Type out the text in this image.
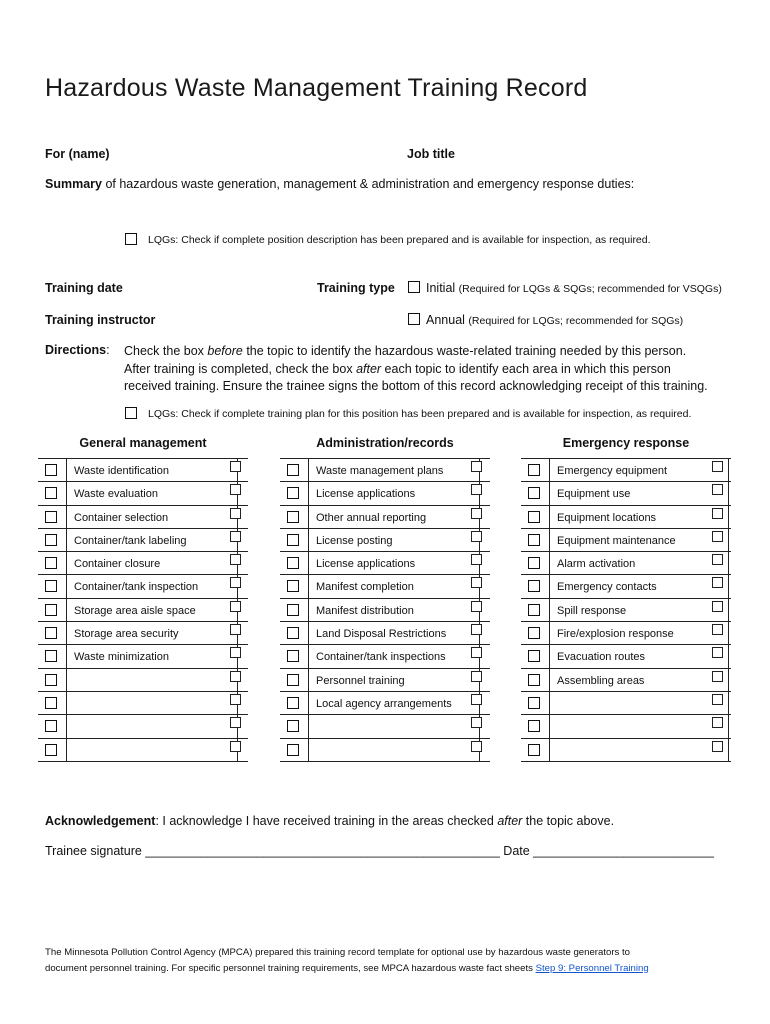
Hazardous Waste Management Training Record
For (name)	Job title
Summary of hazardous waste generation, management & administration and emergency response duties:
LQGs: Check if complete position description has been prepared and is available for inspection, as required.
Training date	Training type Initial (Required for LQGs & SQGs; recommended for VSQGs)
Training instructor	Annual (Required for LQGs; recommended for SQGs)
Directions: Check the box before the topic to identify the hazardous waste-related training needed by this person.
After training is completed, check the box after each topic to identify each area in which this person
received training. Ensure the trainee signs the bottom of this record acknowledging receipt of this training.
LQGs: Check if complete training plan for this position has been prepared and is available for inspection, as required.
General management
Waste identification
Waste evaluation
Container selection
Container/tank labeling
Container closure
Container/tank inspection
Storage area aisle space
Storage area security
Waste minimization
Administration/records
Waste management plans
License applications
Other annual reporting
License posting
License applications
Manifest completion
Manifest distribution
Land Disposal Restrictions
Container/tank inspections
Personnel training
Local agency arrangements
Emergency response
Emergency equipment
Equipment use
Equipment locations
Equipment maintenance
Alarm activation
Emergency contacts
Spill response
Fire/explosion response
Evacuation routes
Assembling areas
Acknowledgement: I acknowledge I have received training in the areas checked after the topic above.
Trainee signature ___________________________________________________ Date __________________________
The Minnesota Pollution Control Agency (MPCA) prepared this training record template for optional use by hazardous waste generators to
document personnel training. For specific personnel training requirements, see MPCA hazardous waste fact sheets Step 9: Personnel Training
